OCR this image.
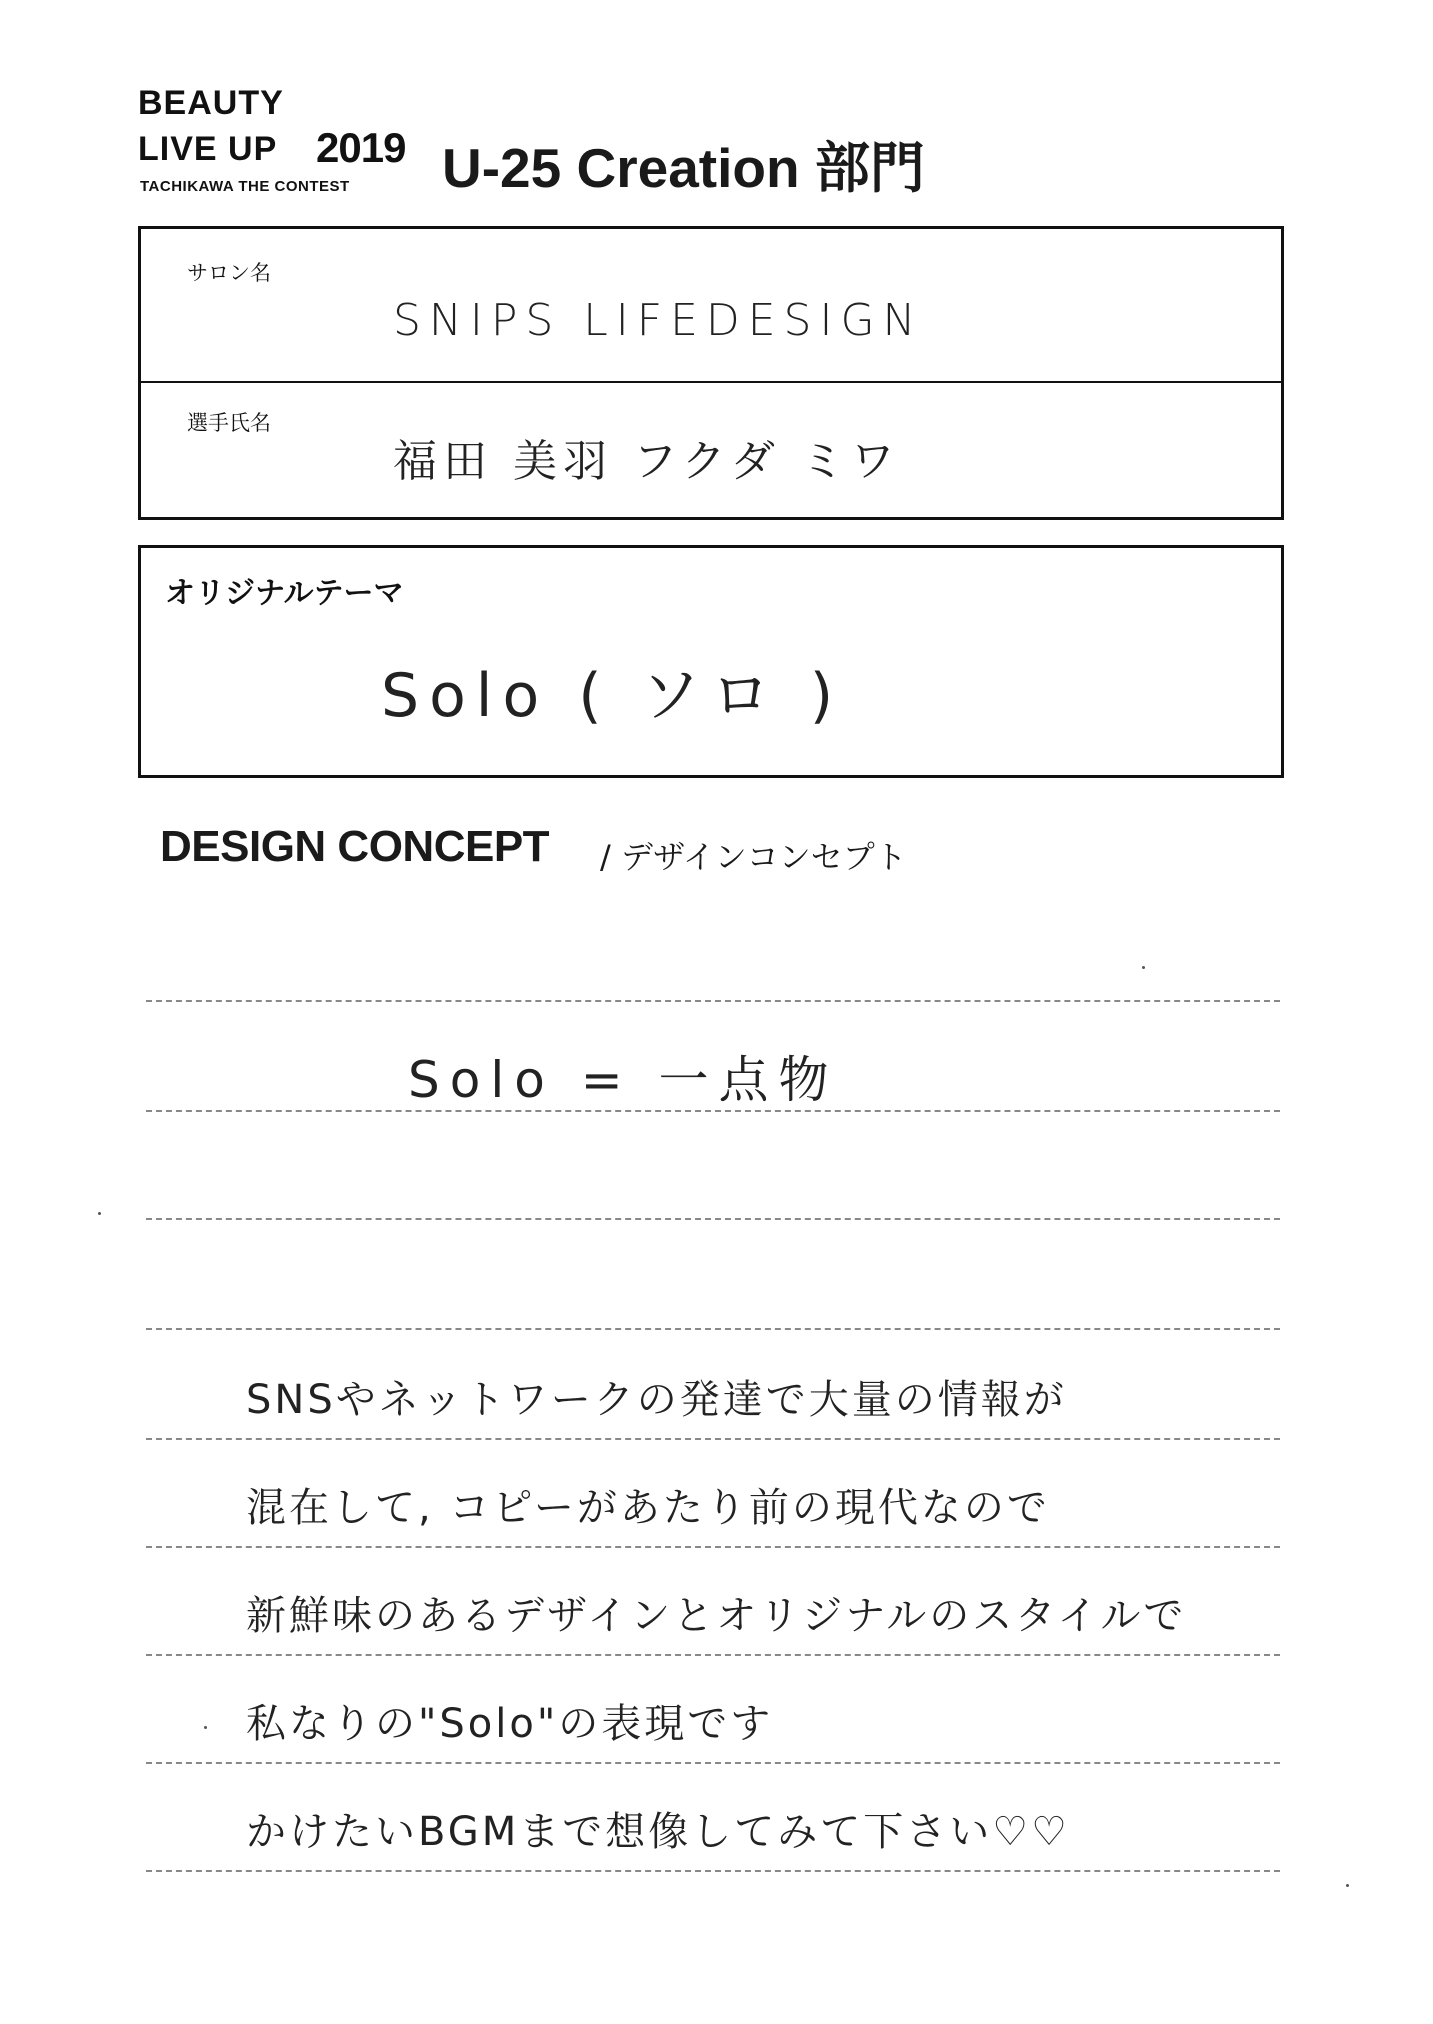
BEAUTY
LIVE UP 2019
TACHIKAWA THE CONTEST U-25 Creation 部門
サロン名
SNIPS LIFEDESIGN
選手氏名
福田 美羽 フクダ ミワ
オリジナルテーマ
Solo ( ソロ )
DESIGN CONCEPT / デザインコンセプト
Solo = 一点物
SNSやネットワークの発達で大量の情報が
混在して, コピーがあたり前の現代なので
新鮮味のあるデザインとオリジナルのスタイルで
私なりの"Solo"の表現です
かけたいBGMまで想像してみて下さい♡♡
